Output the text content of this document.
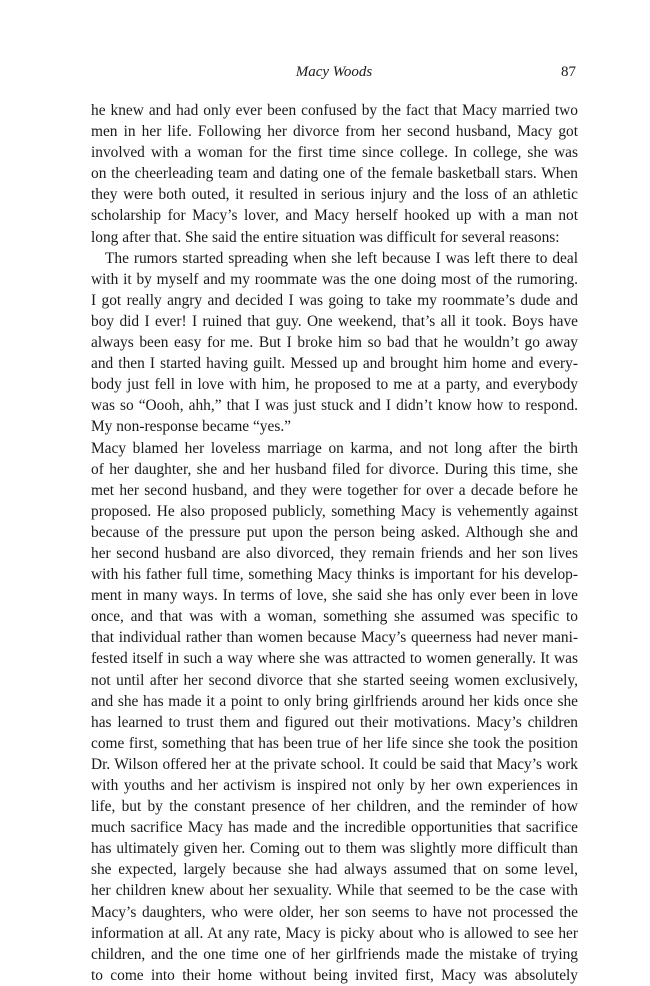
Macy Woods	87
he knew and had only ever been confused by the fact that Macy married two
men in her life. Following her divorce from her second husband, Macy got
involved with a woman for the first time since college. In college, she was
on the cheerleading team and dating one of the female basketball stars. When
they were both outed, it resulted in serious injury and the loss of an athletic
scholarship for Macy’s lover, and Macy herself hooked up with a man not
long after that. She said the entire situation was difficult for several reasons:
The rumors started spreading when she left because I was left there to deal
with it by myself and my roommate was the one doing most of the rumoring.
I got really angry and decided I was going to take my roommate’s dude and
boy did I ever! I ruined that guy. One weekend, that’s all it took. Boys have
always been easy for me. But I broke him so bad that he wouldn’t go away
and then I started having guilt. Messed up and brought him home and every-
body just fell in love with him, he proposed to me at a party, and everybody
was so “Oooh, ahh,” that I was just stuck and I didn’t know how to respond.
My non-response became “yes.”
Macy blamed her loveless marriage on karma, and not long after the birth
of her daughter, she and her husband filed for divorce. During this time, she
met her second husband, and they were together for over a decade before he
proposed. He also proposed publicly, something Macy is vehemently against
because of the pressure put upon the person being asked. Although she and
her second husband are also divorced, they remain friends and her son lives
with his father full time, something Macy thinks is important for his develop-
ment in many ways. In terms of love, she said she has only ever been in love
once, and that was with a woman, something she assumed was specific to
that individual rather than women because Macy’s queerness had never mani-
fested itself in such a way where she was attracted to women generally. It was
not until after her second divorce that she started seeing women exclusively,
and she has made it a point to only bring girlfriends around her kids once she
has learned to trust them and figured out their motivations. Macy’s children
come first, something that has been true of her life since she took the position
Dr. Wilson offered her at the private school. It could be said that Macy’s work
with youths and her activism is inspired not only by her own experiences in
life, but by the constant presence of her children, and the reminder of how
much sacrifice Macy has made and the incredible opportunities that sacrifice
has ultimately given her. Coming out to them was slightly more difficult than
she expected, largely because she had always assumed that on some level,
her children knew about her sexuality. While that seemed to be the case with
Macy’s daughters, who were older, her son seems to have not processed the
information at all. At any rate, Macy is picky about who is allowed to see her
children, and the one time one of her girlfriends made the mistake of trying
to come into their home without being invited first, Macy was absolutely
